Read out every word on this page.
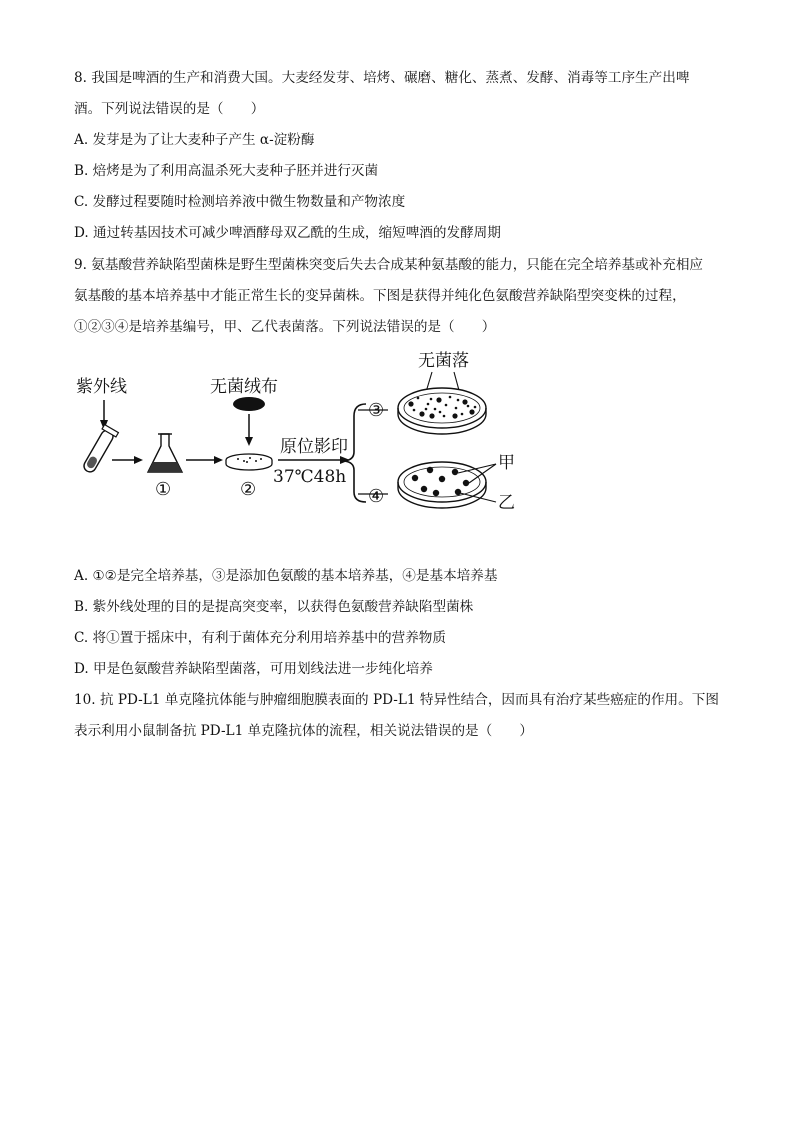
8. 我国是啤酒的生产和消费大国。大麦经发芽、培烤、碾磨、糖化、蒸煮、发酵、消毒等工序生产出啤
酒。下列说法错误的是（　　）
A. 发芽是为了让大麦种子产生 α-淀粉酶
B. 焙烤是为了利用高温杀死大麦种子胚并进行灭菌
C. 发酵过程要随时检测培养液中微生物数量和产物浓度
D. 通过转基因技术可减少啤酒酵母双乙酰的生成，缩短啤酒的发酵周期
9. 氨基酸营养缺陷型菌株是野生型菌株突变后失去合成某种氨基酸的能力，只能在完全培养基或补充相应
氨基酸的基本培养基中才能正常生长的变异菌株。下图是获得并纯化色氨酸营养缺陷型突变株的过程，
①②③④是培养基编号，甲、乙代表菌落。下列说法错误的是（　　）
紫外线
①
无菌绒布
②
原位影印
37℃48h
③
④
无菌落
甲
乙
A. ①②是完全培养基，③是添加色氨酸的基本培养基，④是基本培养基
B. 紫外线处理的目的是提高突变率，以获得色氨酸营养缺陷型菌株
C. 将①置于摇床中，有利于菌体充分利用培养基中的营养物质
D. 甲是色氨酸营养缺陷型菌落，可用划线法进一步纯化培养
10. 抗 PD-L1 单克隆抗体能与肿瘤细胞膜表面的 PD-L1 特异性结合，因而具有治疗某些癌症的作用。下图
表示利用小鼠制备抗 PD-L1 单克隆抗体的流程，相关说法错误的是（　　）
